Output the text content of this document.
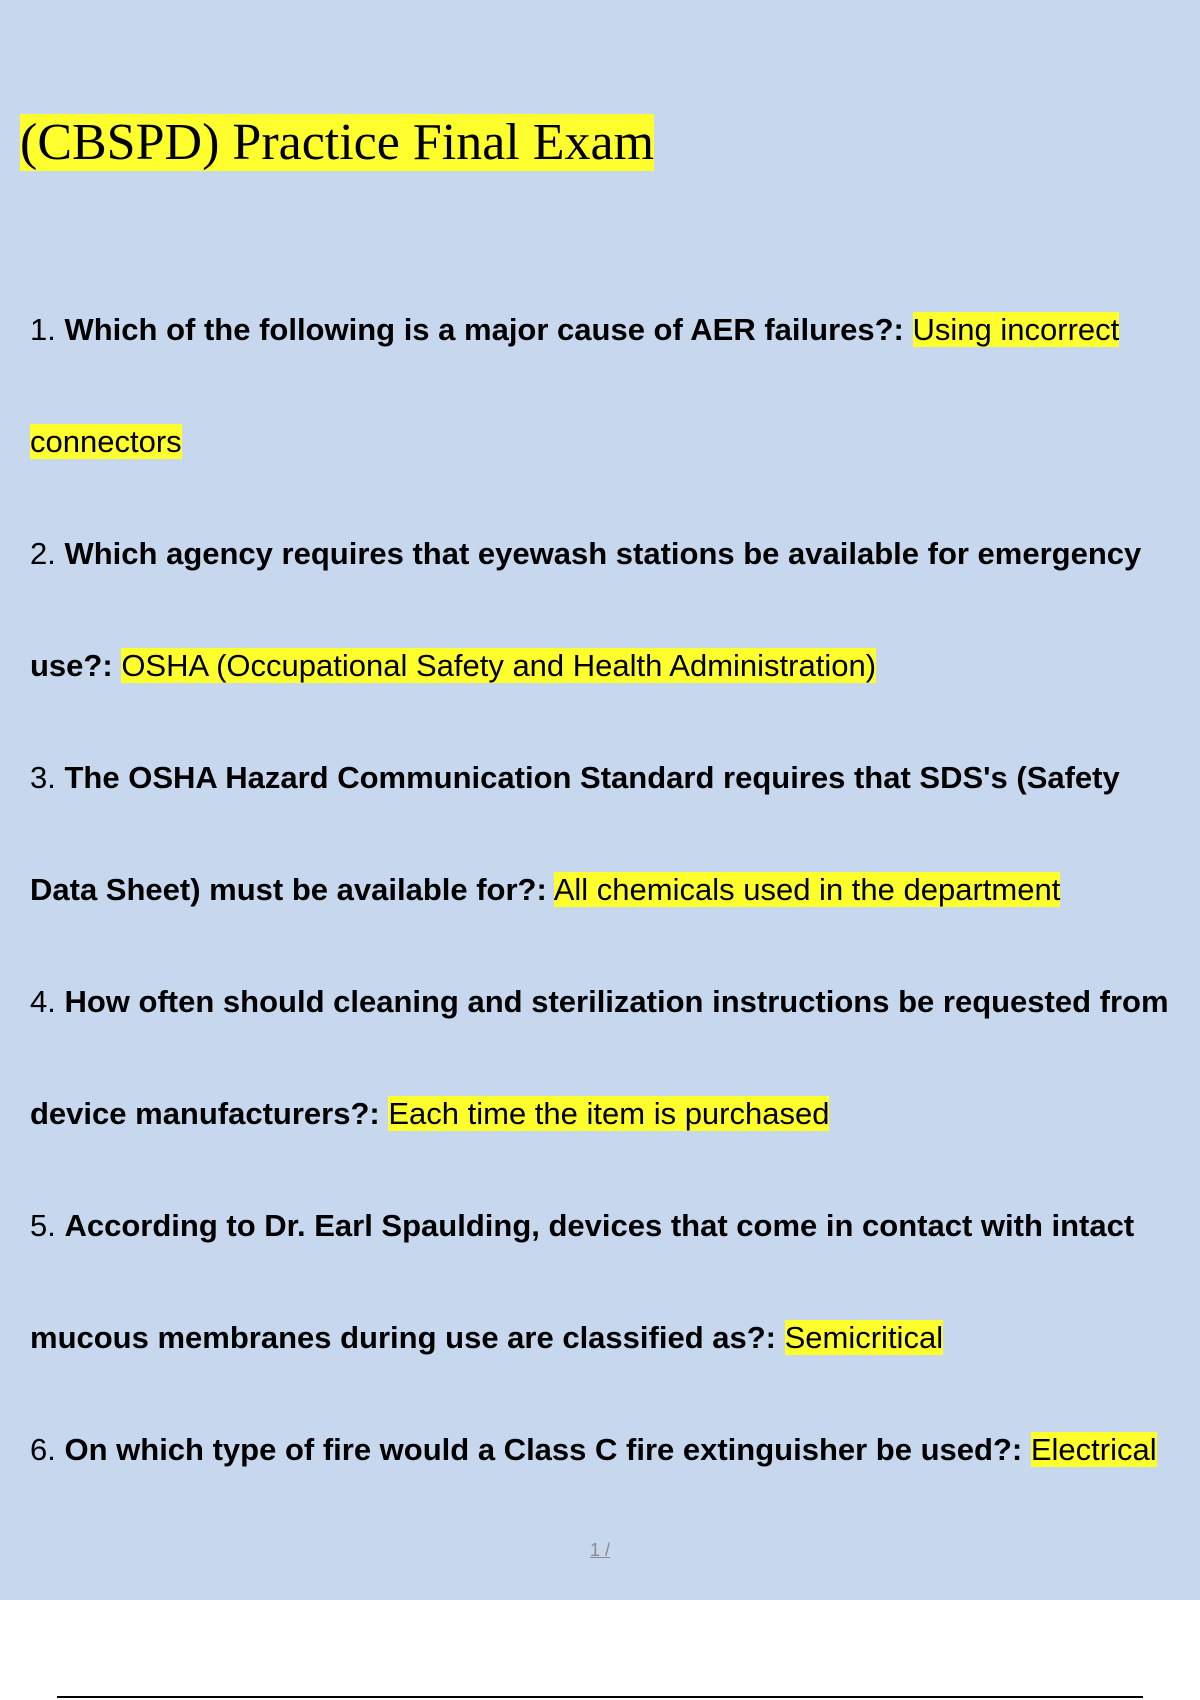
(CBSPD) Practice Final Exam

1. Which of the following is a major cause of AER failures?: Using incorrect

connectors

2. Which agency requires that eyewash stations be available for emergency

use?: OSHA (Occupational Safety and Health Administration)

3. The OSHA Hazard Communication Standard requires that SDS's (Safety

Data Sheet) must be available for?: All chemicals used in the department

4. How often should cleaning and sterilization instructions be requested from

device manufacturers?: Each time the item is purchased

5. According to Dr. Earl Spaulding, devices that come in contact with intact

mucous membranes during use are classified as?: Semicritical

6. On which type of fire would a Class C fire extinguisher be used?: Electrical

1 /
